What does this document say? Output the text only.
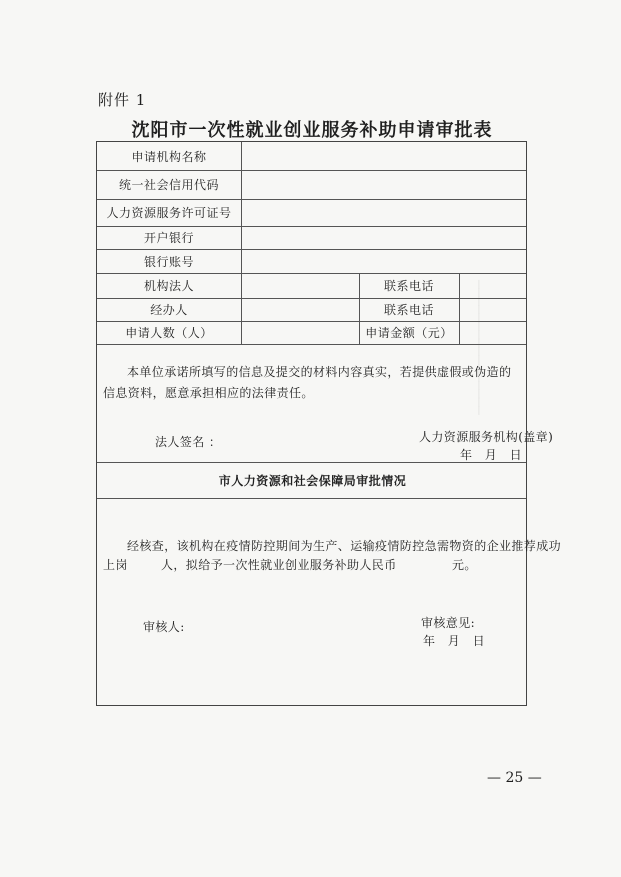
────────────────
附件 1
沈阳市一次性就业创业服务补助申请审批表
申请机构名称
统一社会信用代码
人力资源服务许可证号
开户银行
银行账号
机构法人	联系电话
经办人	联系电话
申请人数（人）	申请金额（元）
本单位承诺所填写的信息及提交的材料内容真实，若提供虚假或伪造的信息资料，愿意承担相应的法律责任。
法人签名 ：	人力资源服务机构(盖章)
年　月　日
市人力资源和社会保障局审批情况
经核查，该机构在疫情防控期间为生产、运输疫情防控急需物资的企业推荐成功
上岗	人，拟给予一次性就业创业服务补助人民币	元。
审核人:	审核意见:
年　月　日
— 25 —
